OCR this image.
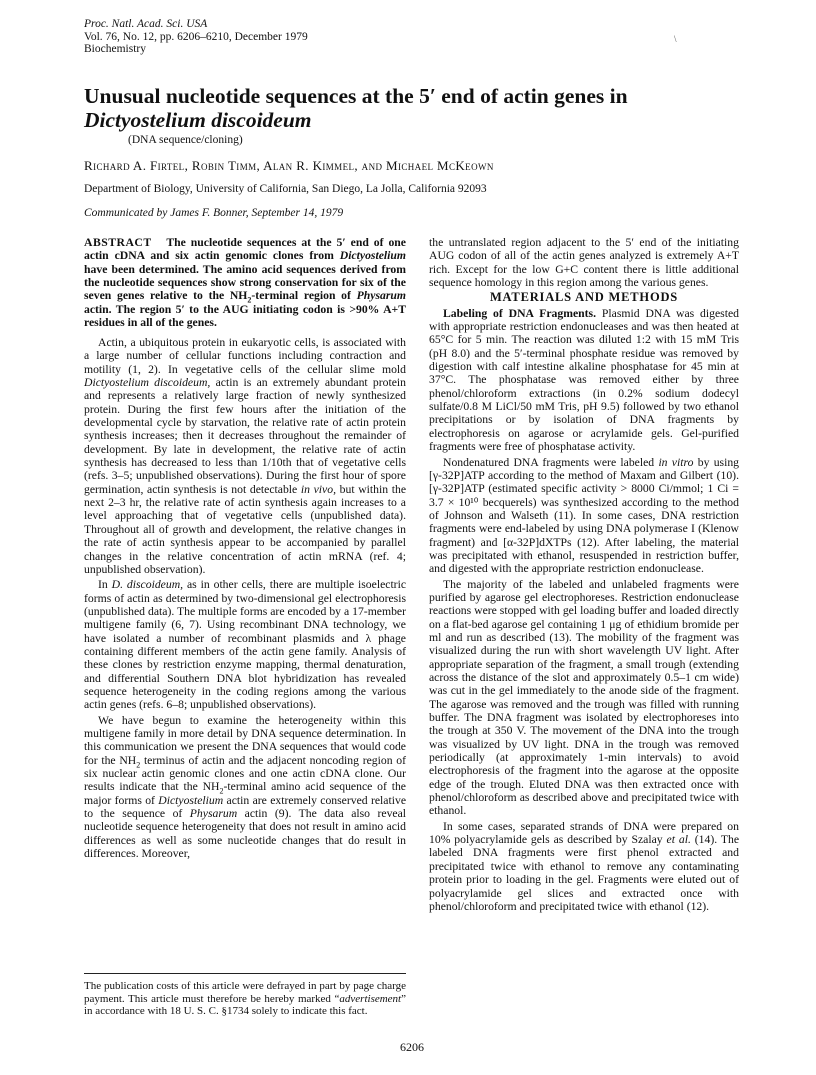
Proc. Natl. Acad. Sci. USA
Vol. 76, No. 12, pp. 6206–6210, December 1979
Biochemistry
\
Unusual nucleotide sequences at the 5′ end of actin genes in
Dictyostelium discoideum
(DNA sequence/cloning)
Richard A. Firtel, Robin Timm, Alan R. Kimmel, and Michael McKeown
Department of Biology, University of California, San Diego, La Jolla, California 92093
Communicated by James F. Bonner, September 14, 1979
ABSTRACT The nucleotide sequences at the 5′ end of one actin cDNA and six actin genomic clones from Dictyostelium have been determined. The amino acid sequences derived from the nucleotide sequences show strong conservation for six of the seven genes relative to the $NH_2$-terminal region of Physarum actin. The region 5′ to the AUG initiating codon is >90% A+T residues in all of the genes.

Actin, a ubiquitous protein in eukaryotic cells, is associated with a large number of cellular functions including contraction and motility (1, 2). In vegetative cells of the cellular slime mold Dictyostelium discoideum, actin is an extremely abundant protein and represents a relatively large fraction of newly synthesized protein. During the first few hours after the initiation of the developmental cycle by starvation, the relative rate of actin protein synthesis increases; then it decreases throughout the remainder of development. By late in development, the relative rate of actin synthesis has decreased to less than 1/10th that of vegetative cells (refs. 3–5; unpublished observations). During the first hour of spore germination, actin synthesis is not detectable in vivo, but within the next 2–3 hr, the relative rate of actin synthesis again increases to a level approaching that of vegetative cells (unpublished data). Throughout all of growth and development, the relative changes in the rate of actin synthesis appear to be accompanied by parallel changes in the relative concentration of actin mRNA (ref. 4; unpublished observation).

In D. discoideum, as in other cells, there are multiple isoelectric forms of actin as determined by two-dimensional gel electrophoresis (unpublished data). The multiple forms are encoded by a 17-member multigene family (6, 7). Using recombinant DNA technology, we have isolated a number of recombinant plasmids and λ phage containing different members of the actin gene family. Analysis of these clones by restriction enzyme mapping, thermal denaturation, and differential Southern DNA blot hybridization has revealed sequence heterogeneity in the coding regions among the various actin genes (refs. 6–8; unpublished observations).

We have begun to examine the heterogeneity within this multigene family in more detail by DNA sequence determination. In this communication we present the DNA sequences that would code for the $NH_2$ terminus of actin and the adjacent noncoding region of six nuclear actin genomic clones and one actin cDNA clone. Our results indicate that the $NH_2$-terminal amino acid sequence of the major forms of Dictyostelium actin are extremely conserved relative to the sequence of Physarum actin (9). The data also reveal nucleotide sequence heterogeneity that does not result in amino acid differences as well as some nucleotide changes that do result in differences. Moreover,

The publication costs of this article were defrayed in part by page charge payment. This article must therefore be hereby marked “advertisement” in accordance with 18 U. S. C. §1734 solely to indicate this fact.

the untranslated region adjacent to the 5′ end of the initiating AUG codon of all of the actin genes analyzed is extremely A+T rich. Except for the low G+C content there is little additional sequence homology in this region among the various genes.

MATERIALS AND METHODS

Labeling of DNA Fragments. Plasmid DNA was digested with appropriate restriction endonucleases and was then heated at 65°C for 5 min. The reaction was diluted 1:2 with 15 mM Tris (pH 8.0) and the 5′-terminal phosphate residue was removed by digestion with calf intestine alkaline phosphatase for 45 min at 37°C. The phosphatase was removed either by three phenol/chloroform extractions (in 0.2% sodium dodecyl sulfate/0.8 M LiCl/50 mM Tris, pH 9.5) followed by two ethanol precipitations or by isolation of DNA fragments by electrophoresis on agarose or acrylamide gels. Gel-purified fragments were free of phosphatase activity.

Nondenatured DNA fragments were labeled in vitro by using [γ-32P]ATP according to the method of Maxam and Gilbert (10). [γ-32P]ATP (estimated specific activity > 8000 Ci/mmol; 1 Ci = 3.7 × 10¹⁰ becquerels) was synthesized according to the method of Johnson and Walseth (11). In some cases, DNA restriction fragments were end-labeled by using DNA polymerase I (Klenow fragment) and [α-32P]dXTPs (12). After labeling, the material was precipitated with ethanol, resuspended in restriction buffer, and digested with the appropriate restriction endonuclease.

The majority of the labeled and unlabeled fragments were purified by agarose gel electrophoreses. Restriction endonuclease reactions were stopped with gel loading buffer and loaded directly on a flat-bed agarose gel containing 1 μg of ethidium bromide per ml and run as described (13). The mobility of the fragment was visualized during the run with short wavelength UV light. After appropriate separation of the fragment, a small trough (extending across the distance of the slot and approximately 0.5–1 cm wide) was cut in the gel immediately to the anode side of the fragment. The agarose was removed and the trough was filled with running buffer. The DNA fragment was isolated by electrophoreses into the trough at 350 V. The movement of the DNA into the trough was visualized by UV light. DNA in the trough was removed periodically (at approximately 1-min intervals) to avoid electrophoresis of the fragment into the agarose at the opposite edge of the trough. Eluted DNA was then extracted once with phenol/chloroform as described above and precipitated twice with ethanol.

In some cases, separated strands of DNA were prepared on 10% polyacrylamide gels as described by Szalay et al. (14). The labeled DNA fragments were first phenol extracted and precipitated twice with ethanol to remove any contaminating protein prior to loading in the gel. Fragments were eluted out of polyacrylamide gel slices and extracted once with phenol/chloroform and precipitated twice with ethanol (12).

6206
